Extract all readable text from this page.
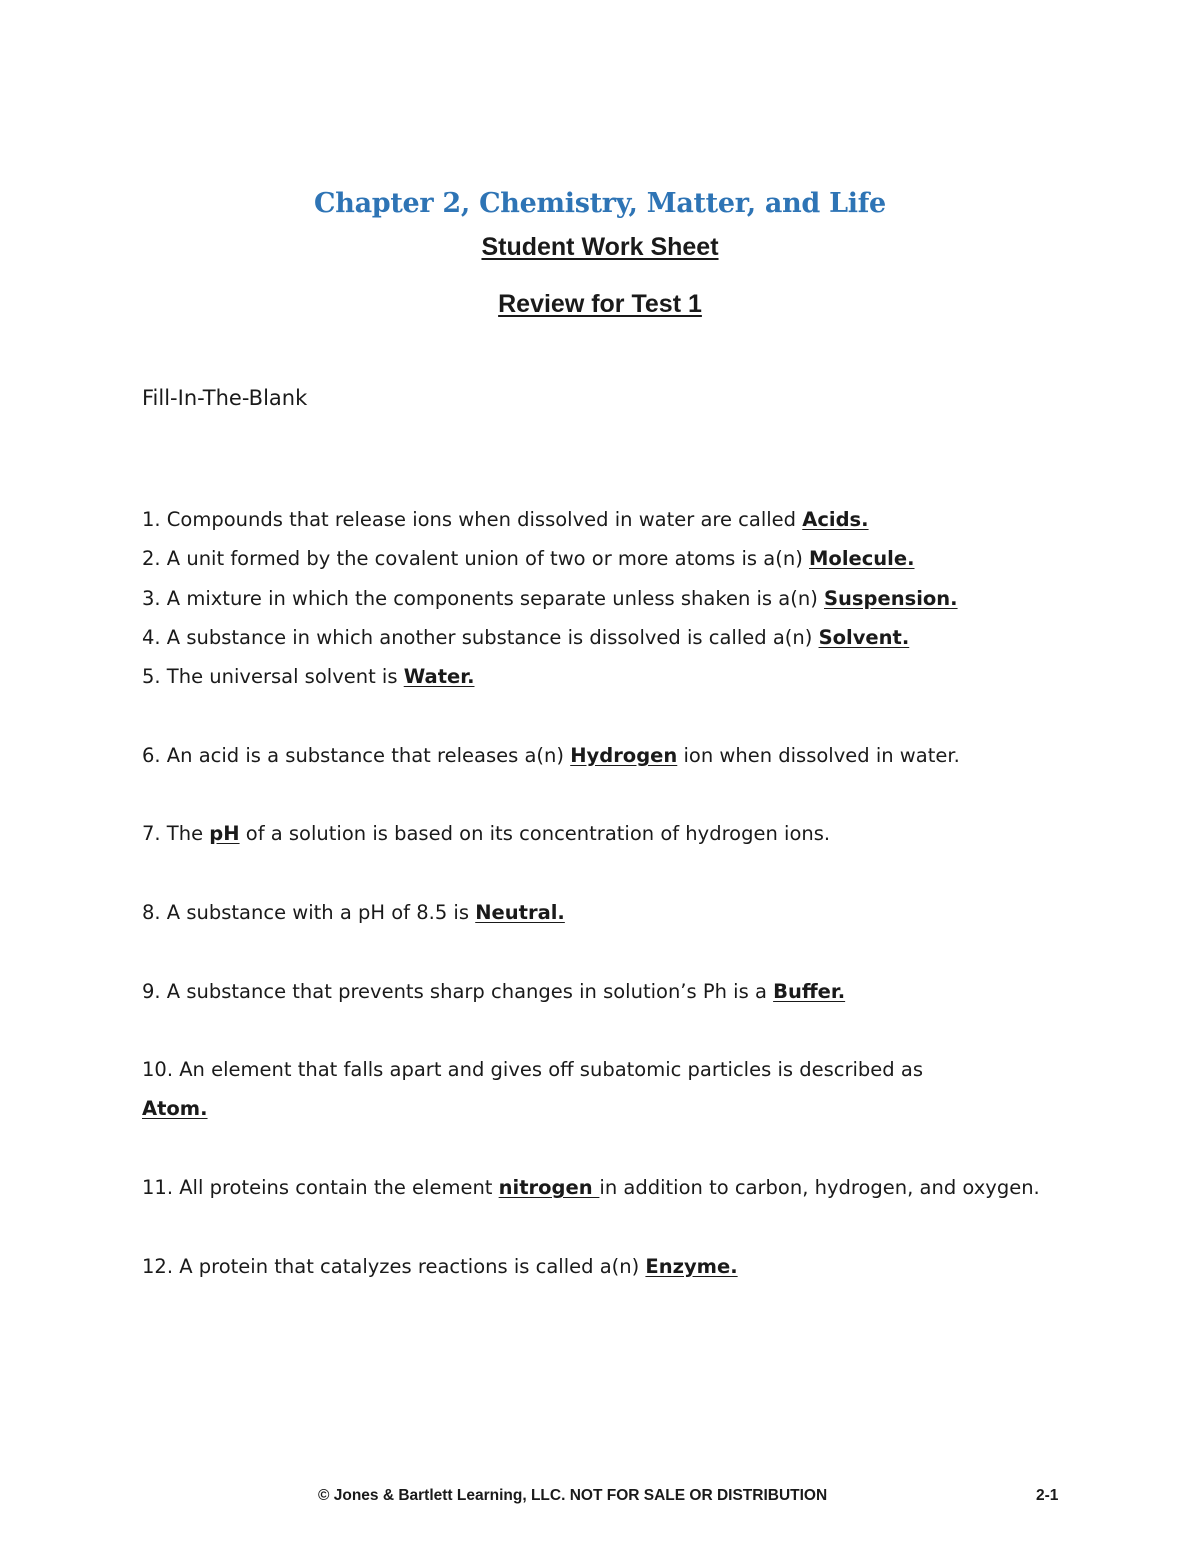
Chapter 2, Chemistry, Matter, and Life
Student Work Sheet
Review for Test 1
Fill-In-The-Blank
1. Compounds that release ions when dissolved in water are called Acids.
2. A unit formed by the covalent union of two or more atoms is a(n) Molecule.
3. A mixture in which the components separate unless shaken is a(n) Suspension.
4. A substance in which another substance is dissolved is called a(n) Solvent.
5. The universal solvent is Water.
6. An acid is a substance that releases a(n) Hydrogen ion when dissolved in water.
7. The pH of a solution is based on its concentration of hydrogen ions.
8. A substance with a pH of 8.5 is Neutral.
9. A substance that prevents sharp changes in solution’s Ph is a Buffer.
10. An element that falls apart and gives off subatomic particles is described as
Atom.
11. All proteins contain the element nitrogen in addition to carbon, hydrogen, and oxygen.
12. A protein that catalyzes reactions is called a(n) Enzyme.
© Jones & Bartlett Learning, LLC. NOT FOR SALE OR DISTRIBUTION	2-1
